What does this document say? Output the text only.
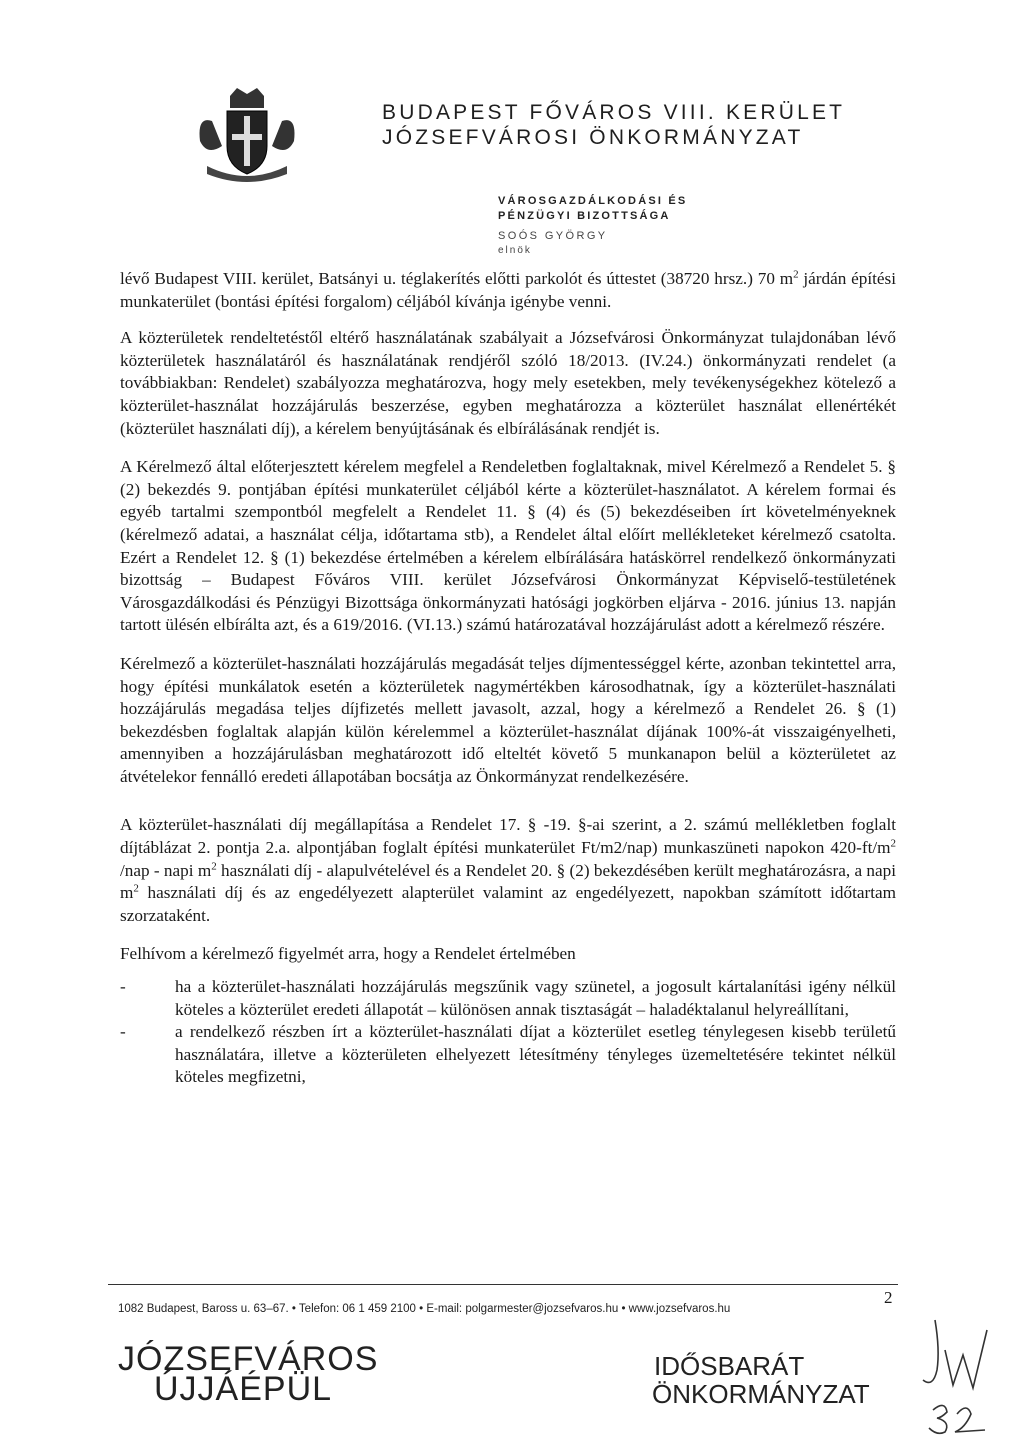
BUDAPEST FŐVÁROS VIII. KERÜLET
JÓZSEFVÁROSI ÖNKORMÁNYZAT
VÁROSGAZDÁLKODÁSI ÉS
PÉNZÜGYI BIZOTTSÁGA
SOÓS GYÖRGY
elnök

lévő Budapest VIII. kerület, Batsányi u. téglakerítés előtti parkolót és úttestet (38720 hrsz.) 70 $m^2$ járdán építési munkaterület (bontási építési forgalom) céljából kívánja igénybe venni.

A közterületek rendeltetéstől eltérő használatának szabályait a Józsefvárosi Önkormányzat tulajdonában lévő közterületek használatáról és használatának rendjéről szóló 18/2013. (IV.24.) önkormányzati rendelet (a továbbiakban: Rendelet) szabályozza meghatározva, hogy mely esetekben, mely tevékenységekhez kötelező a közterület-használat hozzájárulás beszerzése, egyben meghatározza a közterület használat ellenértékét (közterület használati díj), a kérelem benyújtásának és elbírálásának rendjét is.

A Kérelmező által előterjesztett kérelem megfelel a Rendeletben foglaltaknak, mivel Kérelmező a Rendelet 5. § (2) bekezdés 9. pontjában építési munkaterület céljából kérte a közterület-használatot. A kérelem formai és egyéb tartalmi szempontból megfelelt a Rendelet 11. § (4) és (5) bekezdéseiben írt követelményeknek (kérelmező adatai, a használat célja, időtartama stb), a Rendelet által előírt mellékleteket kérelmező csatolta. Ezért a Rendelet 12. § (1) bekezdése értelmében a kérelem elbírálására hatáskörrel rendelkező önkormányzati bizottság – Budapest Főváros VIII. kerület Józsefvárosi Önkormányzat Képviselő-testületének Városgazdálkodási és Pénzügyi Bizottsága önkormányzati hatósági jogkörben eljárva - 2016. június 13. napján tartott ülésén elbírálta azt, és a 619/2016. (VI.13.) számú határozatával hozzájárulást adott a kérelmező részére.

Kérelmező a közterület-használati hozzájárulás megadását teljes díjmentességgel kérte, azonban tekintettel arra, hogy építési munkálatok esetén a közterületek nagymértékben károsodhatnak, így a közterület-használati hozzájárulás megadása teljes díjfizetés mellett javasolt, azzal, hogy a kérelmező a Rendelet 26. § (1) bekezdésben foglaltak alapján külön kérelemmel a közterület-használat díjának 100%-át visszaigényelheti, amennyiben a hozzájárulásban meghatározott idő elteltét követő 5 munkanapon belül a közterületet az átvételekor fennálló eredeti állapotában bocsátja az Önkormányzat rendelkezésére.

A közterület-használati díj megállapítása a Rendelet 17. § -19. §-ai szerint, a 2. számú mellékletben foglalt díjtáblázat 2. pontja 2.a. alpontjában foglalt építési munkaterület Ft/m2/nap) munkaszüneti napokon $420-ft/m^2$ /nap - napi $m^2$ használati díj - alapulvételével és a Rendelet 20. § (2) bekezdésében került meghatározásra, a napi $m^2$ használati díj és az engedélyezett alapterület valamint az engedélyezett, napokban számított időtartam szorzataként.

Felhívom a kérelmező figyelmét arra, hogy a Rendelet értelmében

-	ha a közterület-használati hozzájárulás megszűnik vagy szünetel, a jogosult kártalanítási igény nélkül köteles a közterület eredeti állapotát – különösen annak tisztaságát – haladéktalanul helyreállítani,
-	a rendelkező részben írt a közterület-használati díjat a közterület esetleg ténylegesen kisebb területű használatára, illetve a közterületen elhelyezett létesítmény tényleges üzemeltetésére tekintet nélkül köteles megfizetni,
1082 Budapest, Baross u. 63–67. • Telefon: 06 1 459 2100 • E-mail: polgarmester@jozsefvaros.hu • www.jozsefvaros.hu
2
JÓZSEFVÁROS
ÚJJÁÉPÜL
IDŐSBARÁT
ÖNKORMÁNYZAT
